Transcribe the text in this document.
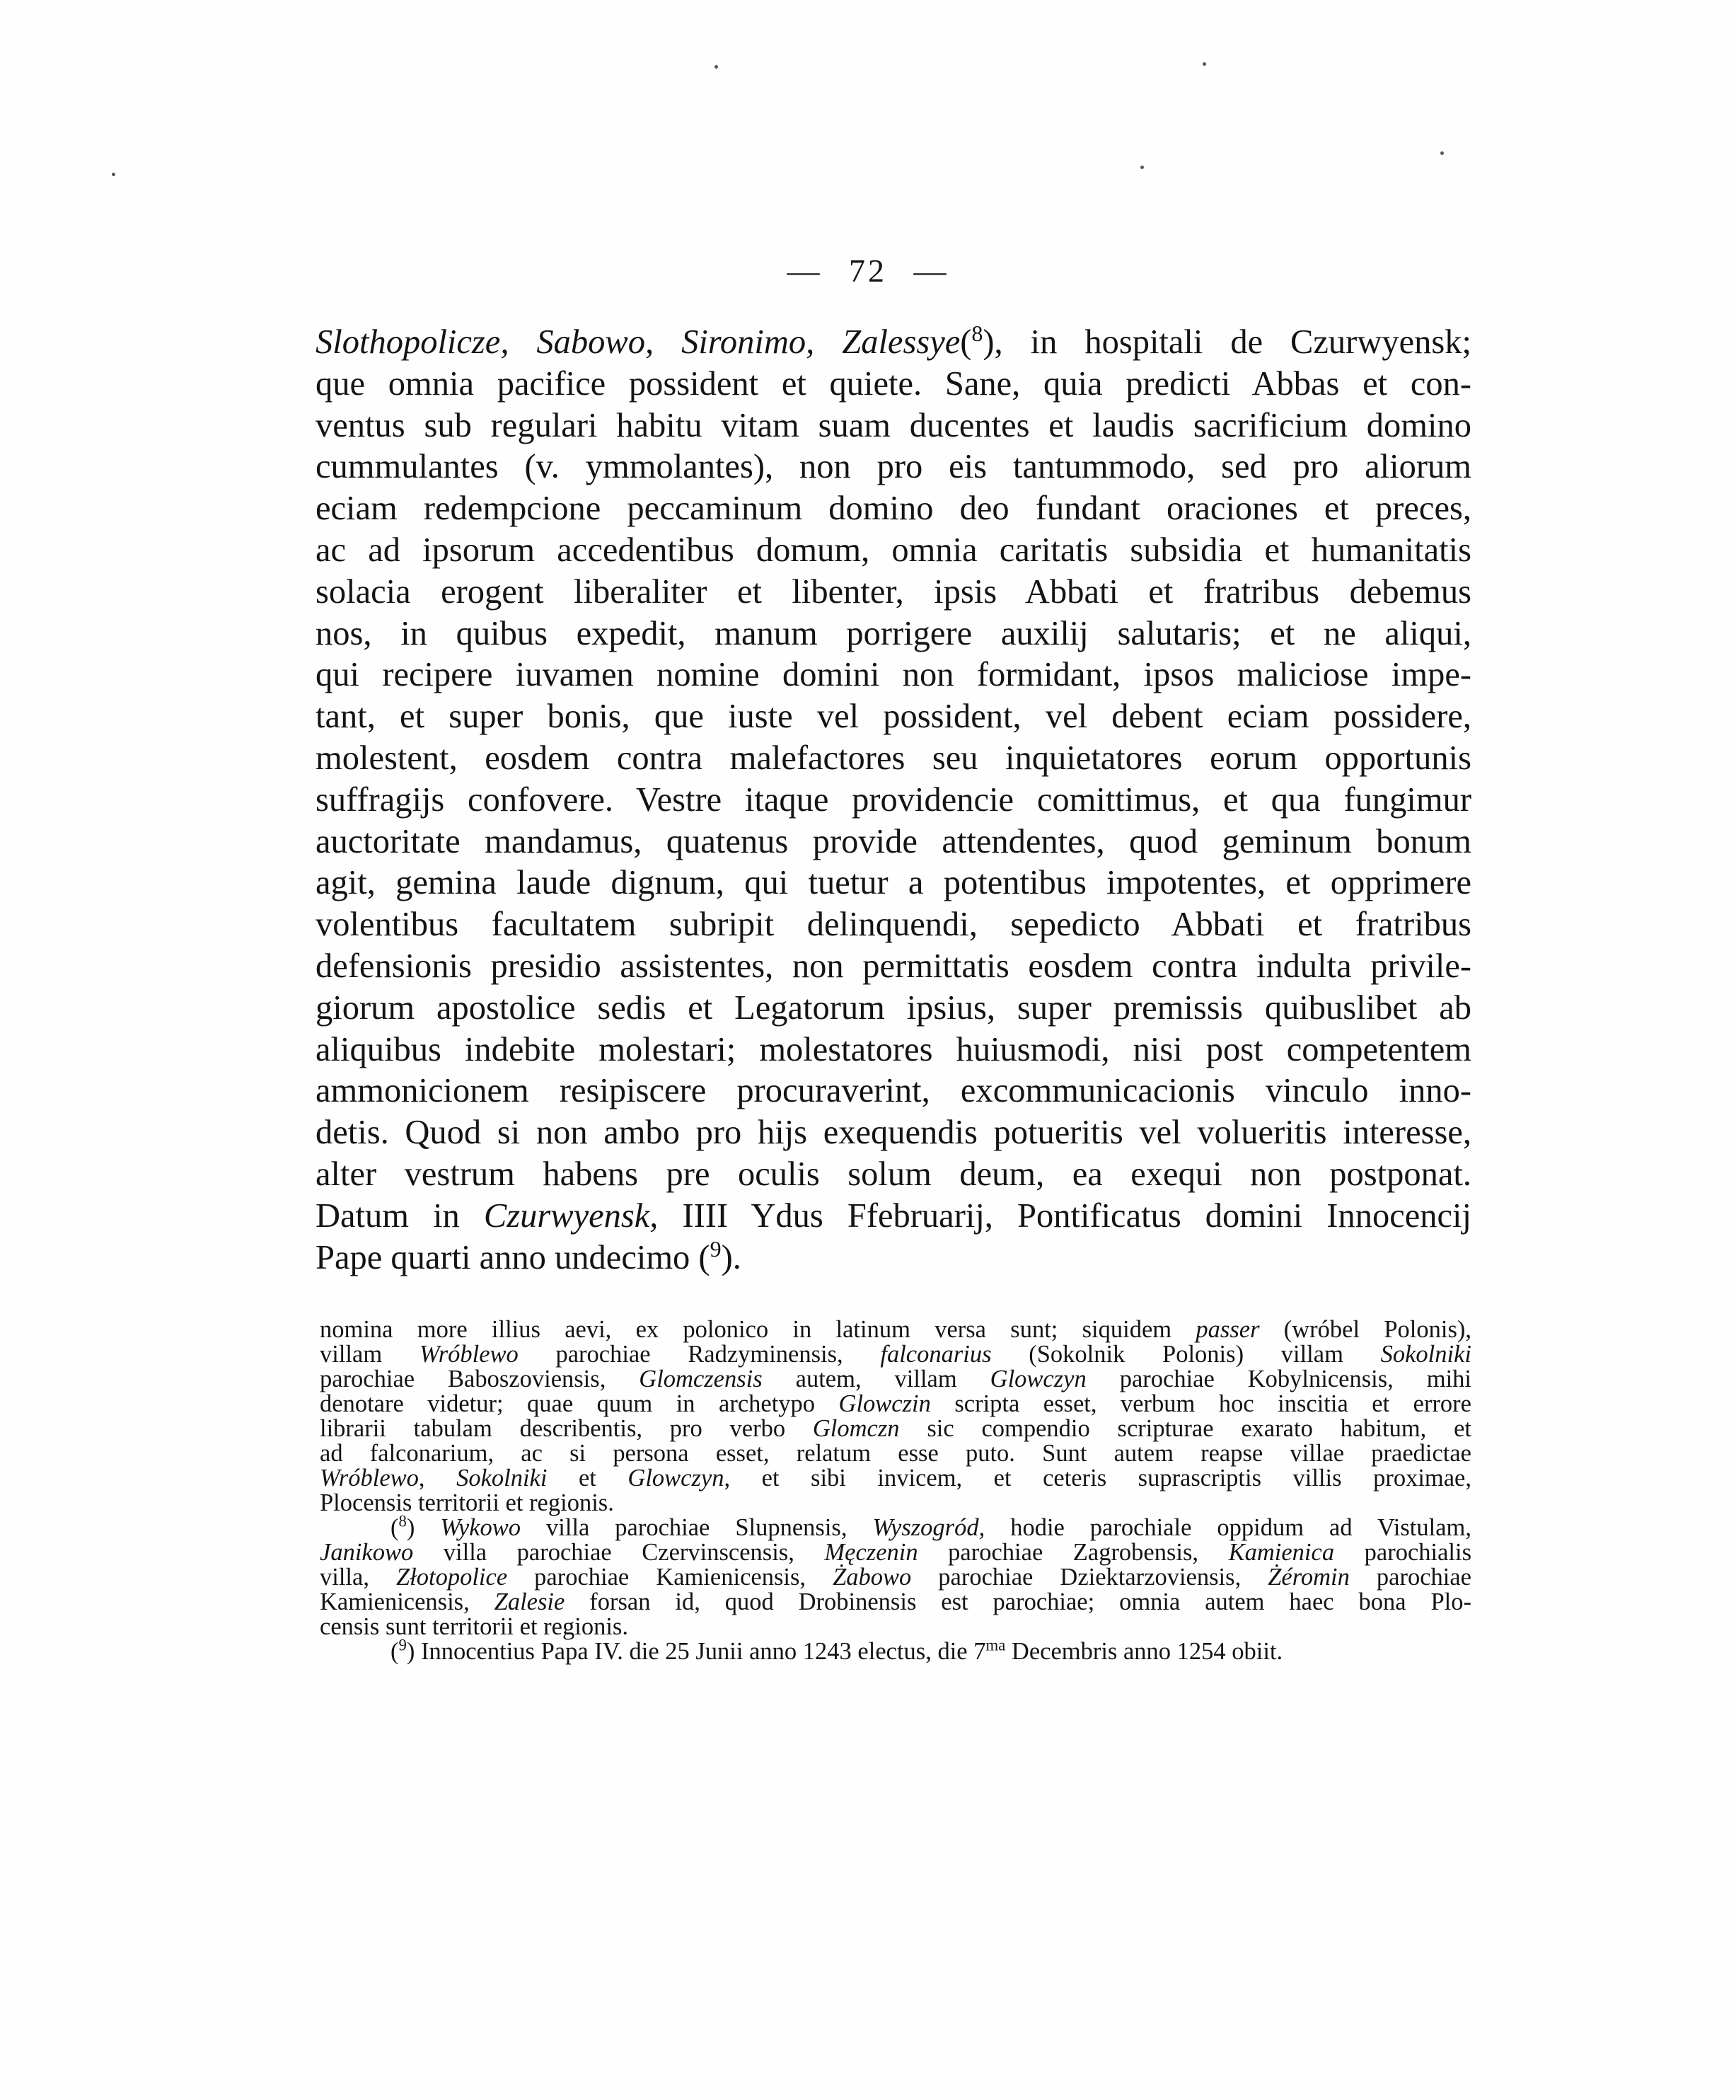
— 72 —
Slothopolicze, Sabowo, Sironimo, Zalessye($^8$), in hospitali de Czurwyensk;
que omnia pacifice possident et quiete. Sane, quia predicti Abbas et con-
ventus sub regulari habitu vitam suam ducentes et laudis sacrificium domino
cummulantes (v. ymmolantes), non pro eis tantummodo, sed pro aliorum
eciam redempcione peccaminum domino deo fundant oraciones et preces,
ac ad ipsorum accedentibus domum, omnia caritatis subsidia et humanitatis
solacia erogent liberaliter et libenter, ipsis Abbati et fratribus debemus
nos, in quibus expedit, manum porrigere auxilij salutaris; et ne aliqui,
qui recipere iuvamen nomine domini non formidant, ipsos maliciose impe-
tant, et super bonis, que iuste vel possident, vel debent eciam possidere,
molestent, eosdem contra malefactores seu inquietatores eorum opportunis
suffragijs confovere. Vestre itaque providencie comittimus, et qua fungimur
auctoritate mandamus, quatenus provide attendentes, quod geminum bonum
agit, gemina laude dignum, qui tuetur a potentibus impotentes, et opprimere
volentibus facultatem subripit delinquendi, sepedicto Abbati et fratribus
defensionis presidio assistentes, non permittatis eosdem contra indulta privile-
giorum apostolice sedis et Legatorum ipsius, super premissis quibuslibet ab
aliquibus indebite molestari; molestatores huiusmodi, nisi post competentem
ammonicionem resipiscere procuraverint, excommunicacionis vinculo inno-
detis. Quod si non ambo pro hijs exequendis potueritis vel volueritis interesse,
alter vestrum habens pre oculis solum deum, ea exequi non postponat.
Datum in Czurwyensk, IIII Ydus Ffebruarij, Pontificatus domini Innocencij
Pape quarti anno undecimo ($^9$).
nomina more illius aevi, ex polonico in latinum versa sunt; siquidem passer (wróbel Polonis),
villam Wróblewo parochiae Radzyminensis, falconarius (Sokolnik Polonis) villam Sokolniki
parochiae Baboszoviensis, Glomczensis autem, villam Glowczyn parochiae Kobylnicensis, mihi
denotare videtur; quae quum in archetypo Glowczin scripta esset, verbum hoc inscitia et errore
librarii tabulam describentis, pro verbo Glomczn sic compendio scripturae exarato habitum, et
ad falconarium, ac si persona esset, relatum esse puto. Sunt autem reapse villae praedictae
Wróblewo, Sokolniki et Glowczyn, et sibi invicem, et ceteris suprascriptis villis proximae,
Plocensis territorii et regionis.
($^8$) Wykowo villa parochiae Slupnensis, Wyszogród, hodie parochiale oppidum ad Vistulam,
Janikowo villa parochiae Czervinscensis, Męczenin parochiae Zagrobensis, Kamienica parochialis
villa, Złotopolice parochiae Kamienicensis, Żabowo parochiae Dziektarzoviensis, Żéromin parochiae
Kamienicensis, Zalesie forsan id, quod Drobinensis est parochiae; omnia autem haec bona Plo-
censis sunt territorii et regionis.
($^9$) Innocentius Papa IV. die 25 Junii anno 1243 electus, die 7$^{ma}$ Decembris anno 1254 obiit.
